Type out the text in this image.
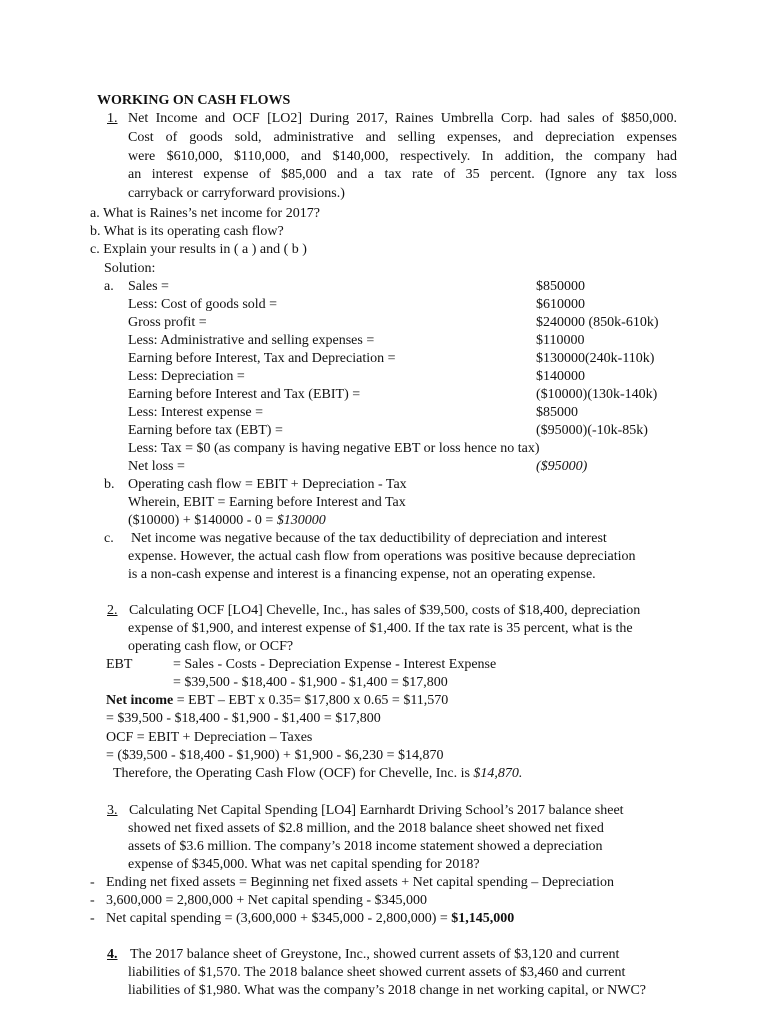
WORKING ON CASH FLOWS
1. Net Income and OCF [LO2] During 2017, Raines Umbrella Corp. had sales of $850,000.
Cost of goods sold, administrative and selling expenses, and depreciation expenses
were $610,000, $110,000, and $140,000, respectively. In addition, the company had
an interest expense of $85,000 and a tax rate of 35 percent. (Ignore any tax loss
carryback or carryforward provisions.)
a. What is Raines’s net income for 2017?
b. What is its operating cash flow?
c. Explain your results in ( a ) and ( b )
Solution:
a. Sales =	$850000
Less: Cost of goods sold =	$610000
Gross profit =	$240000 (850k-610k)
Less: Administrative and selling expenses =	$110000
Earning before Interest, Tax and Depreciation =	$130000(240k-110k)
Less: Depreciation =	$140000
Earning before Interest and Tax (EBIT) =	($10000)(130k-140k)
Less: Interest expense =	$85000
Earning before tax (EBT) =	($95000)(-10k-85k)
Less: Tax = $0 (as company is having negative EBT or loss hence no tax)
Net loss =	($95000)
b. Operating cash flow = EBIT + Depreciation - Tax
Wherein, EBIT = Earning before Interest and Tax
($10000) + $140000 - 0 = $130000
c. Net income was negative because of the tax deductibility of depreciation and interest
expense. However, the actual cash flow from operations was positive because depreciation
is a non-cash expense and interest is a financing expense, not an operating expense.
2. Calculating OCF [LO4] Chevelle, Inc., has sales of $39,500, costs of $18,400, depreciation
expense of $1,900, and interest expense of $1,400. If the tax rate is 35 percent, what is the
operating cash flow, or OCF?
EBT	= Sales - Costs - Depreciation Expense - Interest Expense
= $39,500 - $18,400 - $1,900 - $1,400 = $17,800
Net income = EBT – EBT x 0.35= $17,800 x 0.65 = $11,570
= $39,500 - $18,400 - $1,900 - $1,400 = $17,800
OCF = EBIT + Depreciation – Taxes
= ($39,500 - $18,400 - $1,900) + $1,900 - $6,230 = $14,870
Therefore, the Operating Cash Flow (OCF) for Chevelle, Inc. is $14,870.
3. Calculating Net Capital Spending [LO4] Earnhardt Driving School’s 2017 balance sheet
showed net fixed assets of $2.8 million, and the 2018 balance sheet showed net fixed
assets of $3.6 million. The company’s 2018 income statement showed a depreciation
expense of $345,000. What was net capital spending for 2018?
- Ending net fixed assets = Beginning net fixed assets + Net capital spending – Depreciation
- 3,600,000 = 2,800,000 + Net capital spending - $345,000
- Net capital spending = (3,600,000 + $345,000 - 2,800,000) = $1,145,000
4. The 2017 balance sheet of Greystone, Inc., showed current assets of $3,120 and current
liabilities of $1,570. The 2018 balance sheet showed current assets of $3,460 and current
liabilities of $1,980. What was the company’s 2018 change in net working capital, or NWC?
